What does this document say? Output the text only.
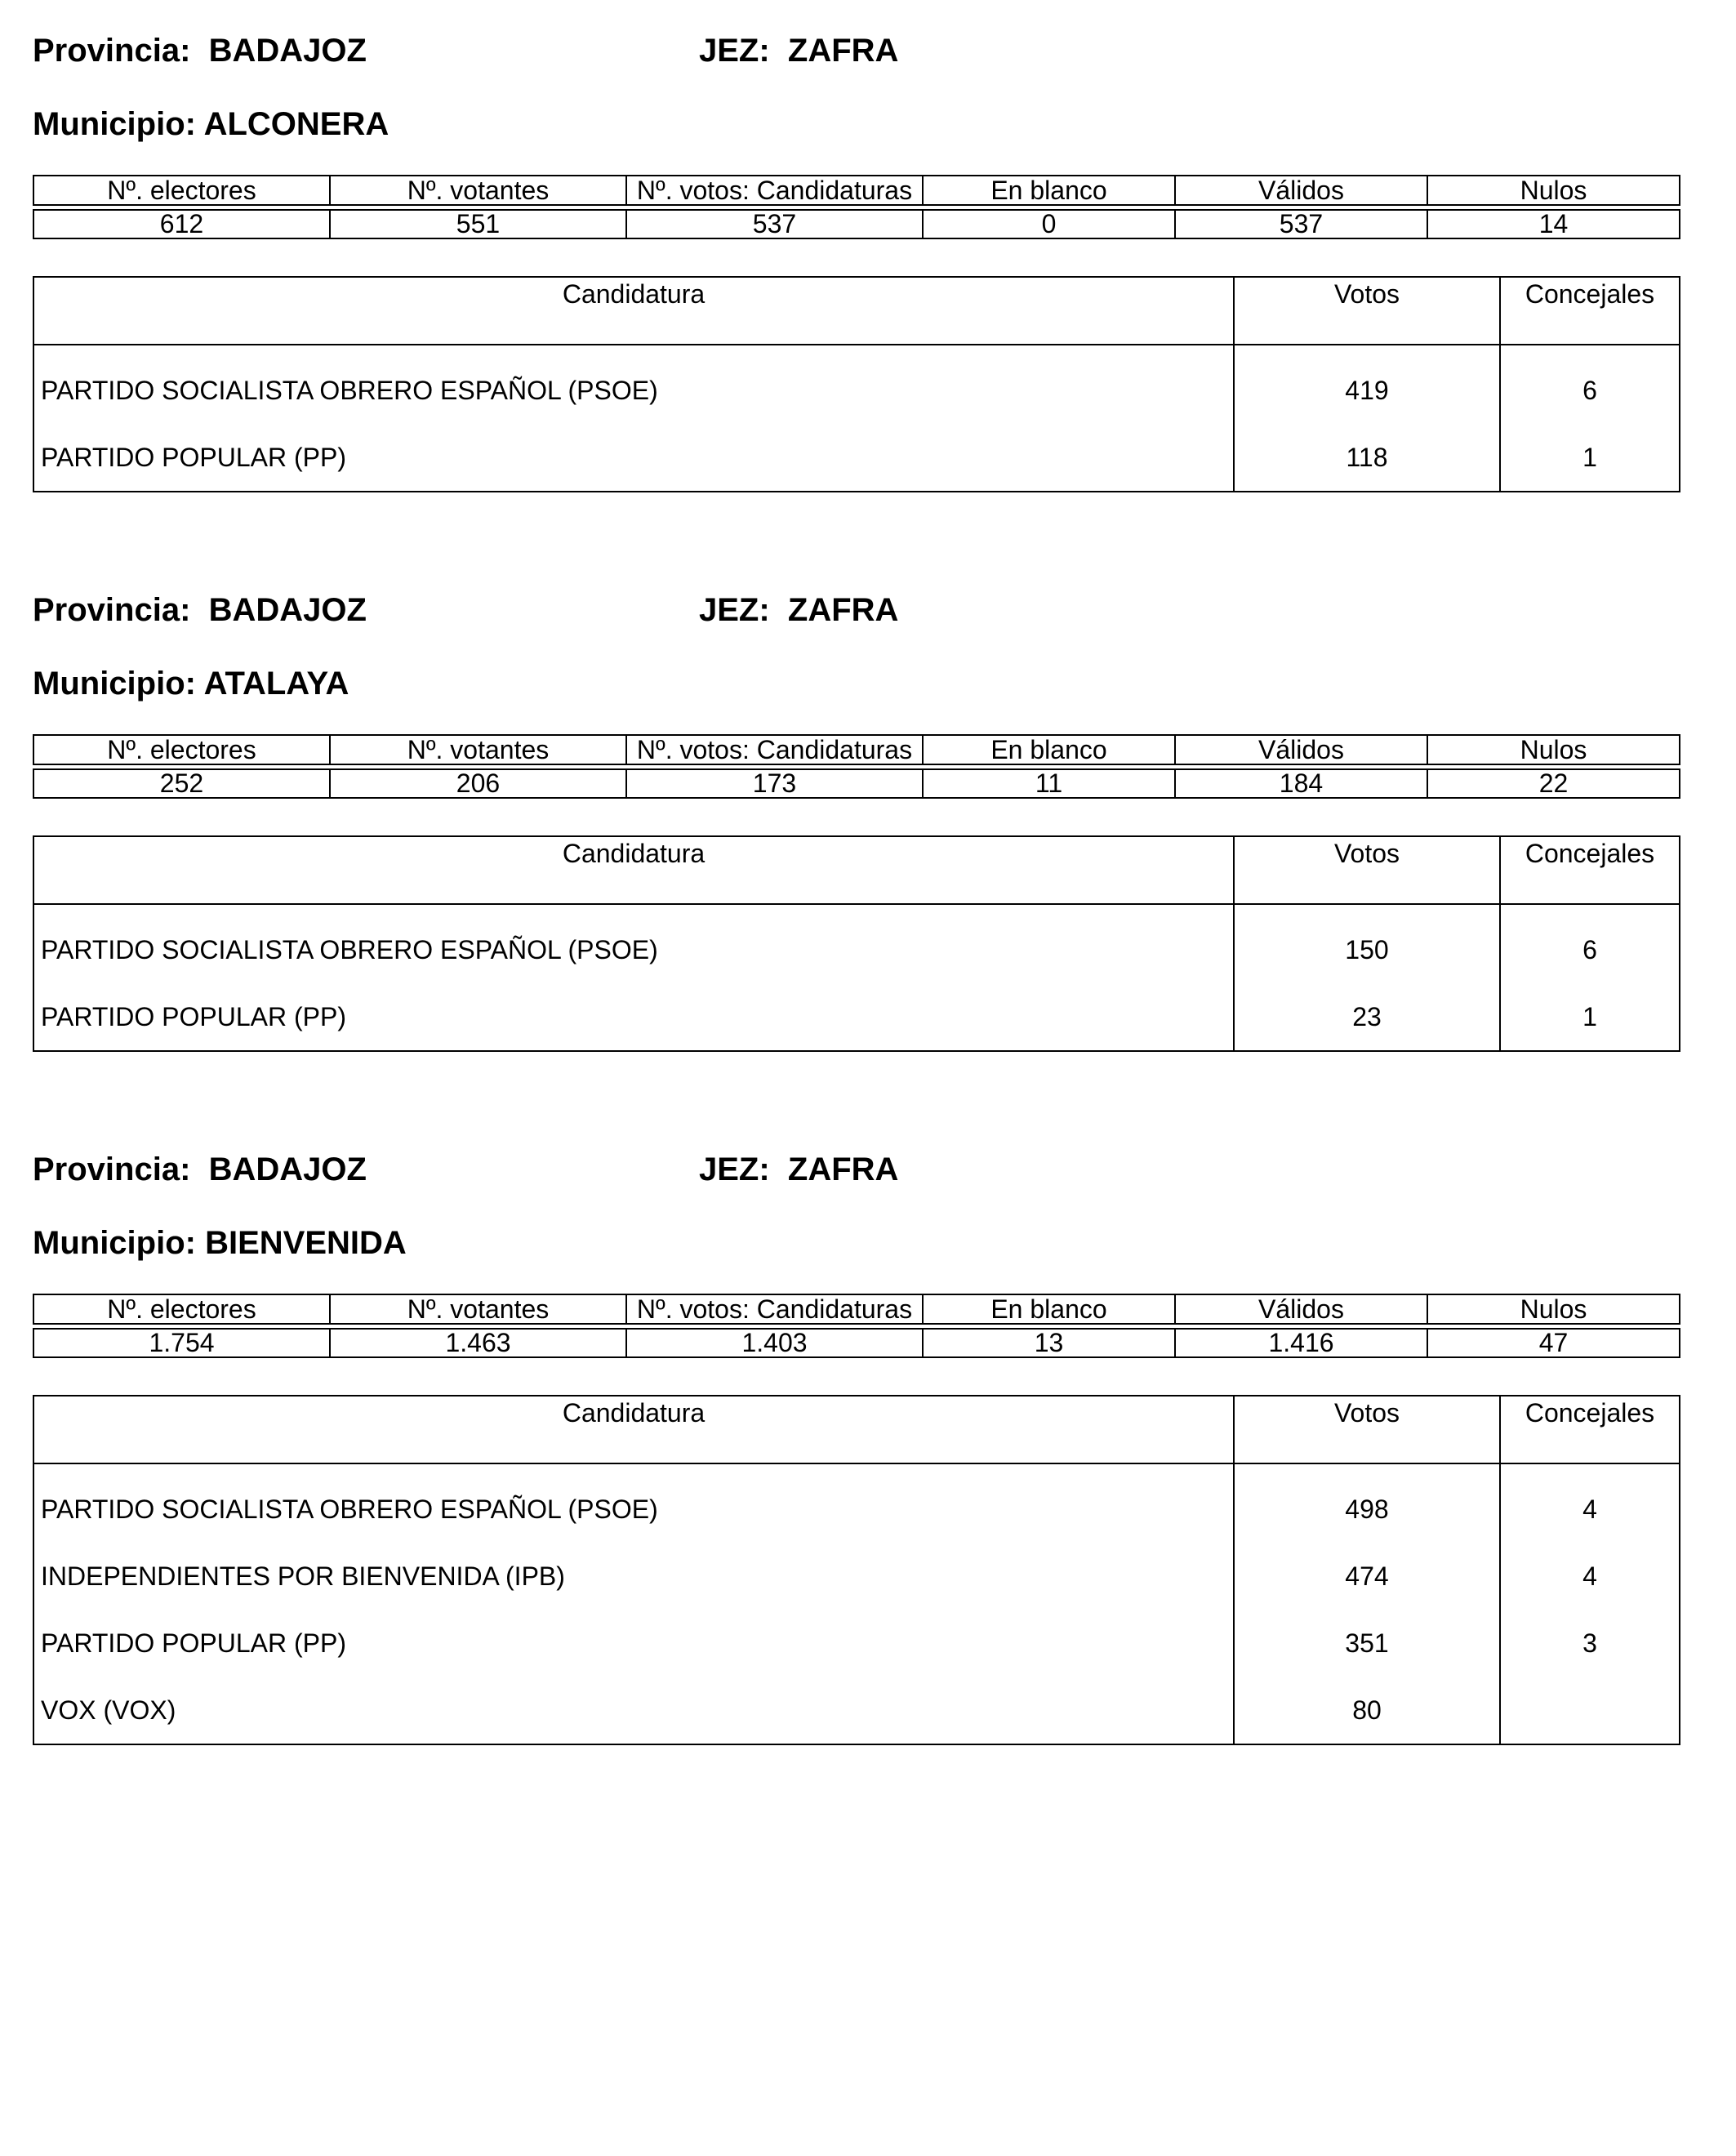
Provincia:  BADAJOZ	JEZ:  ZAFRA
Municipio: ALCONERA
Nº. electores	Nº. votantes	Nº. votos: Candidaturas	En blanco	Válidos	Nulos

612	551	537	0	537	14
Candidatura	Votos	Concejales
PARTIDO SOCIALISTA OBRERO ESPAÑOL (PSOE)	419	6
PARTIDO POPULAR (PP)	118	1
Provincia:  BADAJOZ	JEZ:  ZAFRA
Municipio: ATALAYA
Nº. electores	Nº. votantes	Nº. votos: Candidaturas	En blanco	Válidos	Nulos

252	206	173	11	184	22
Candidatura	Votos	Concejales
PARTIDO SOCIALISTA OBRERO ESPAÑOL (PSOE)	150	6
PARTIDO POPULAR (PP)	23	1
Provincia:  BADAJOZ	JEZ:  ZAFRA
Municipio: BIENVENIDA
Nº. electores	Nº. votantes	Nº. votos: Candidaturas	En blanco	Válidos	Nulos

1.754	1.463	1.403	13	1.416	47
Candidatura	Votos	Concejales
PARTIDO SOCIALISTA OBRERO ESPAÑOL (PSOE)	498	4
INDEPENDIENTES POR BIENVENIDA (IPB)	474	4
PARTIDO POPULAR (PP)	351	3
VOX (VOX)	80	
